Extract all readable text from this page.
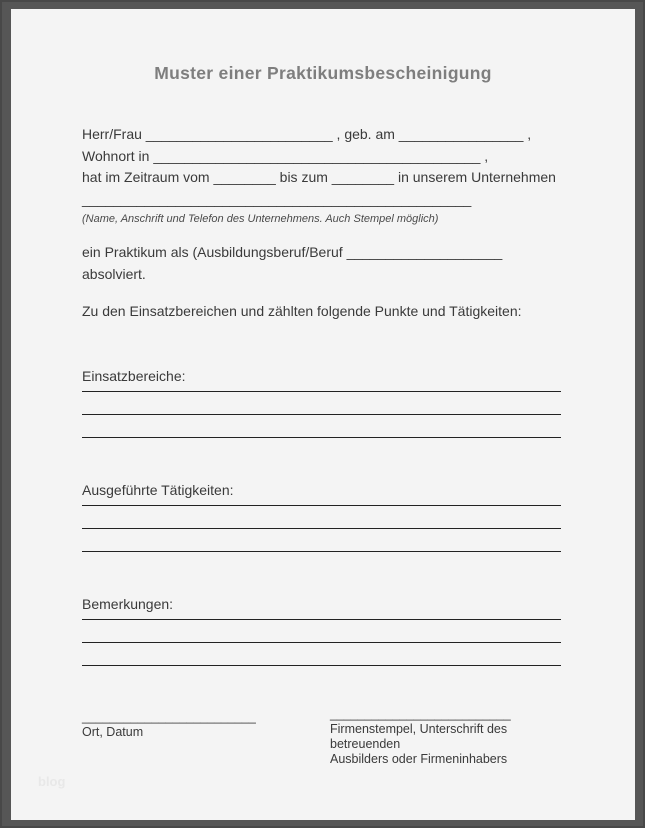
Muster einer Praktikumsbescheinigung
Herr/Frau ________________________ , geb. am ________________ ,
Wohnort in __________________________________________ ,
hat im Zeitraum vom ________ bis zum ________ in unserem Unternehmen
__________________________________________________
(Name, Anschrift und Telefon des Unternehmens. Auch Stempel möglich)
ein Praktikum als (Ausbildungsberuf/Beruf ____________________
absolviert.
Zu den Einsatzbereichen und zählten folgende Punkte und Tätigkeiten:
Einsatzbereiche:
Ausgeführte Tätigkeiten:
Bemerkungen:
_________________________
Ort, Datum
__________________________
Firmenstempel, Unterschrift des betreuenden
Ausbilders oder Firmeninhabers
blog
